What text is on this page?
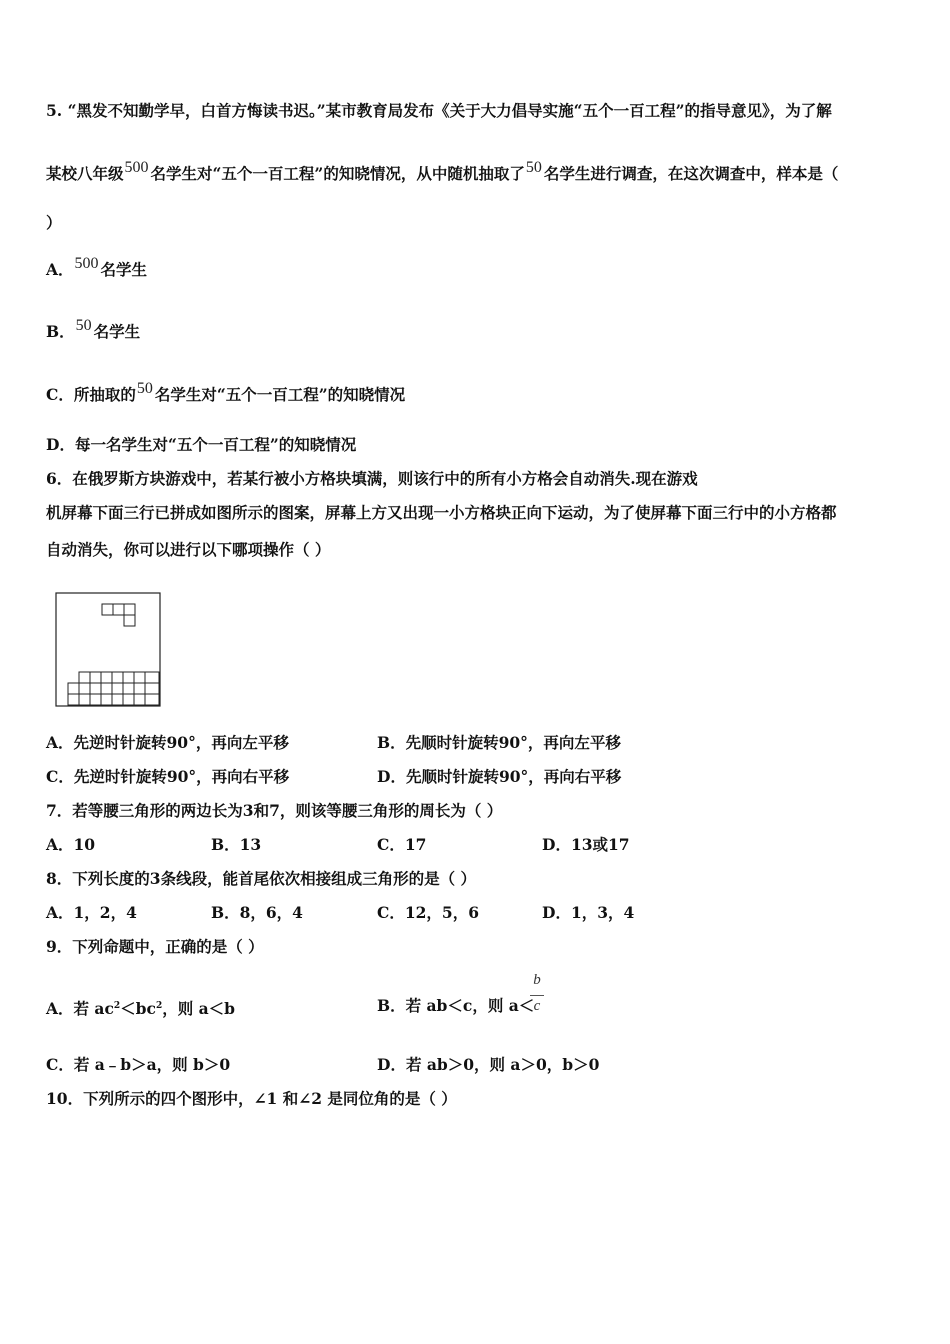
5. “黑发不知勤学早，白首方悔读书迟。”某市教育局发布《关于大力倡导实施“五个一百工程”的指导意见》，为了解
某校八年级500 名学生对“五个一百工程”的知晓情况，从中随机抽取了50 名学生进行调查，在这次调查中，样本是（
）
A．500 名学生
B．50 名学生
C．所抽取的50 名学生对“五个一百工程”的知晓情况
D．每一名学生对“五个一百工程”的知晓情况
6．在俄罗斯方块游戏中，若某行被小方格块填满，则该行中的所有小方格会自动消失.现在游戏
机屏幕下面三行已拼成如图所示的图案，屏幕上方又出现一小方格块正向下运动，为了使屏幕下面三行中的小方格都
自动消失，你可以进行以下哪项操作（ ）
A．先逆时针旋转90°，再向左平移	B．先顺时针旋转90°，再向左平移
C．先逆时针旋转90°，再向右平移	D．先顺时针旋转90°，再向右平移
7．若等腰三角形的两边长为3和7，则该等腰三角形的周长为（ ）
A．10	B．13	C．17	D．13或17
8．下列长度的3条线段，能首尾依次相接组成三角形的是（ ）
A．1，2，4	B．8，6，4	C．12，5，6	D．1，3，4
9．下列命题中，正确的是（ ）
A．若 $ac^2<bc^2$，则 a＜b	B．若 ab＜c，则 a＜
b
c
C．若 a﹣b＞a，则 b＞0	D．若 ab＞0，则 a＞0，b＞0
10．下列所示的四个图形中，∠1 和∠2 是同位角的是（ ）
